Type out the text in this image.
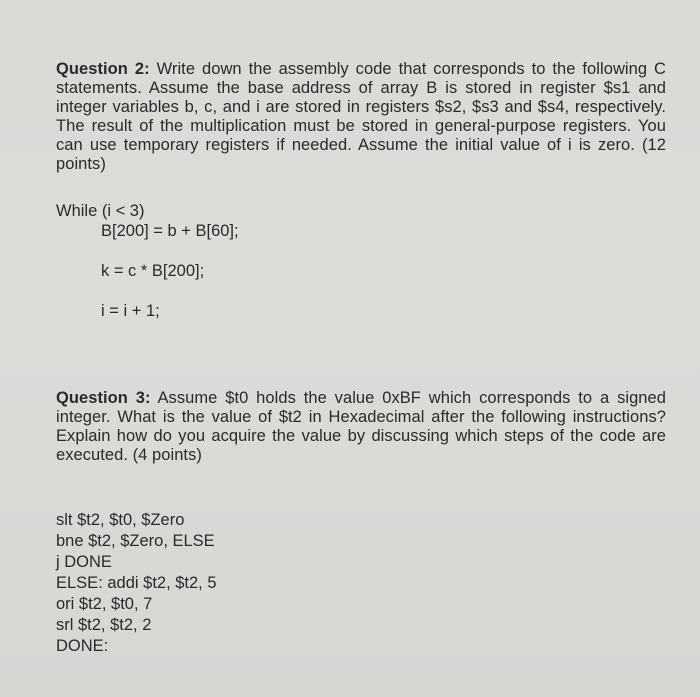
Question 2: Write down the assembly code that corresponds to the following C statements. Assume the base address of array B is stored in register $s1 and integer variables b, c, and i are stored in registers $s2, $s3 and $s4, respectively. The result of the multiplication must be stored in general-purpose registers. You can use temporary registers if needed. Assume the initial value of i is zero. (12 points)
While (i < 3)
B[200] = b + B[60];
k = c * B[200];
i = i + 1;
Question 3: Assume $t0 holds the value 0xBF which corresponds to a signed integer. What is the value of $t2 in Hexadecimal after the following instructions? Explain how do you acquire the value by discussing which steps of the code are executed. (4 points)
slt $t2, $t0, $Zero
bne $t2, $Zero, ELSE
j DONE
ELSE: addi $t2, $t2, 5
ori $t2, $t0, 7
srl $t2, $t2, 2
DONE:
